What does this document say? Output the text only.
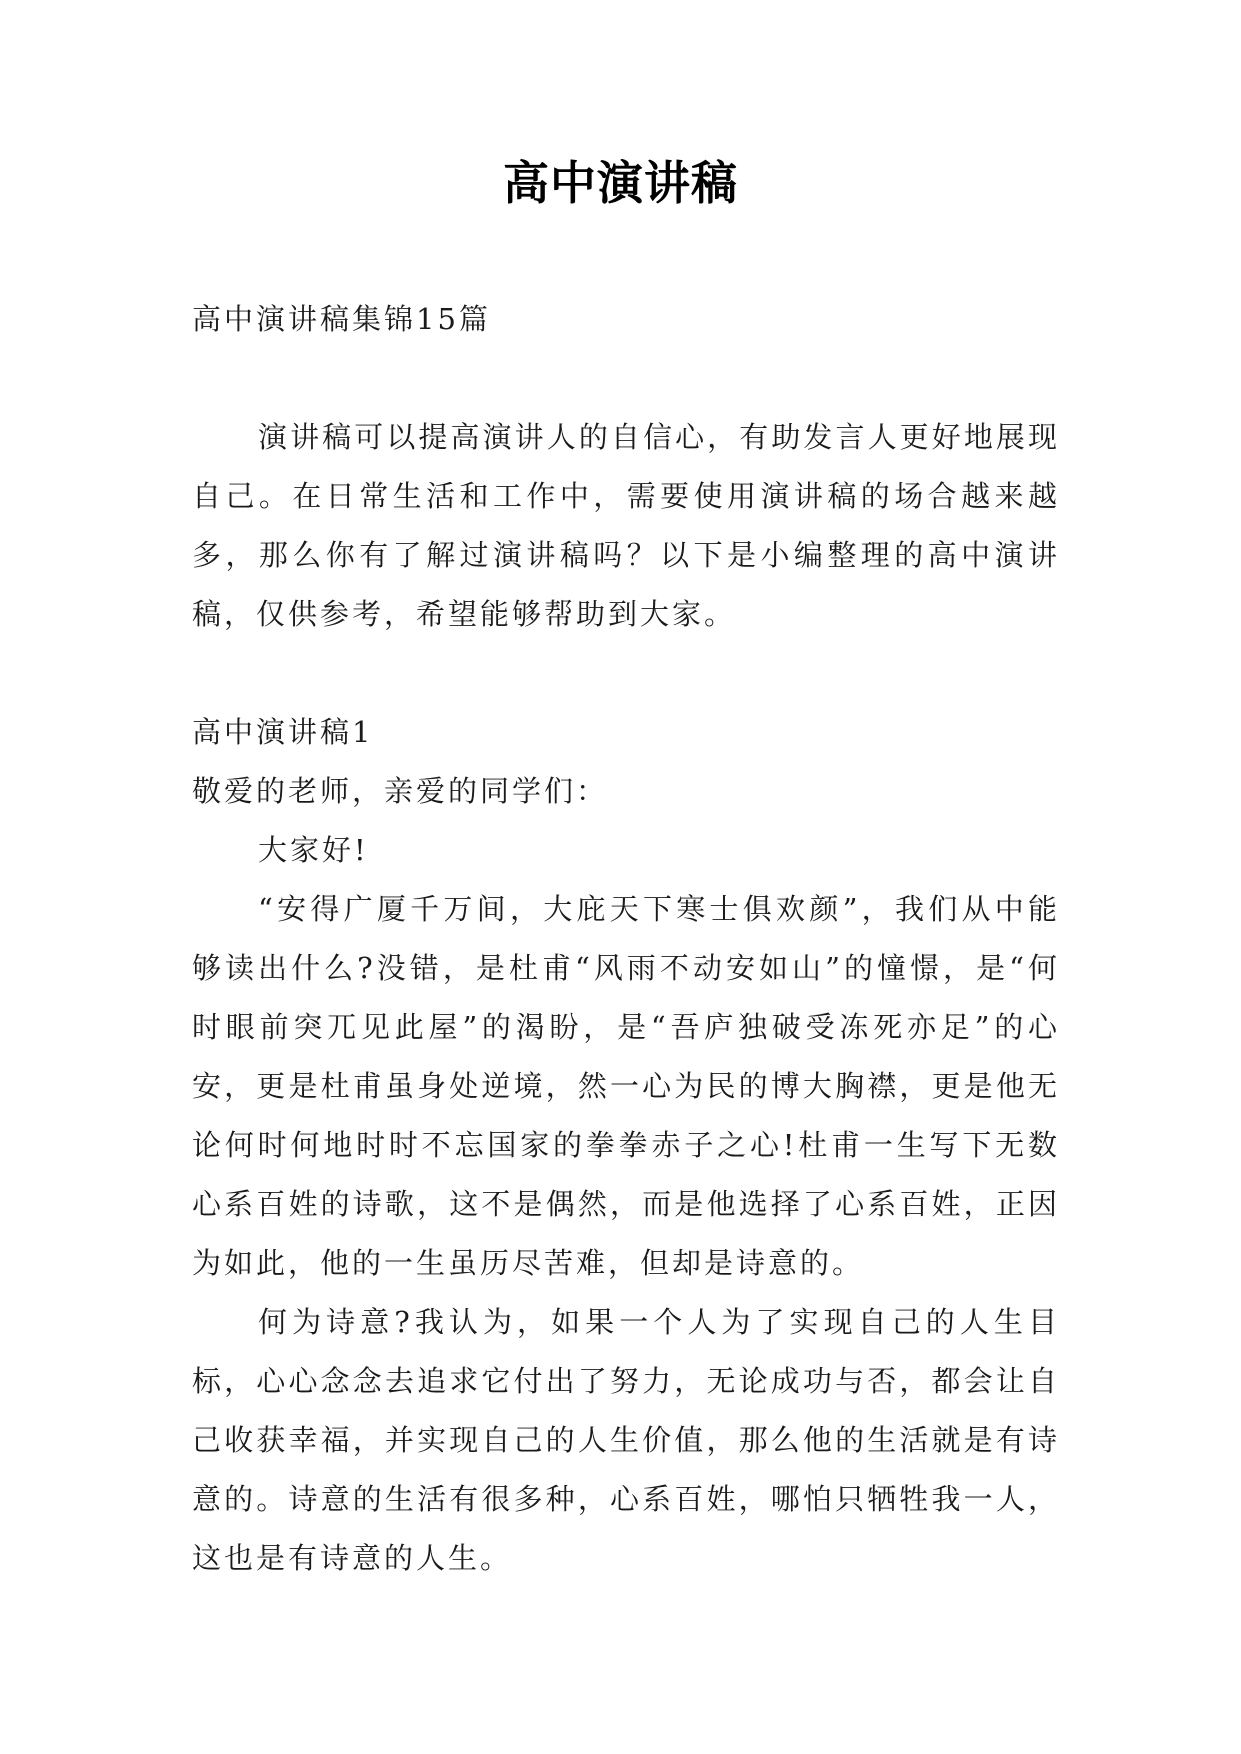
高中演讲稿

高中演讲稿集锦15篇

演讲稿可以提高演讲人的自信心，有助发言人更好地展现自己。在日常生活和工作中，需要使用演讲稿的场合越来越多，那么你有了解过演讲稿吗？以下是小编整理的高中演讲稿，仅供参考，希望能够帮助到大家。

高中演讲稿1

敬爱的老师，亲爱的同学们：

大家好!

“安得广厦千万间，大庇天下寒士俱欢颜”，我们从中能够读出什么?没错，是杜甫“风雨不动安如山”的憧憬，是“何时眼前突兀见此屋”的渴盼，是“吾庐独破受冻死亦足”的心安，更是杜甫虽身处逆境，然一心为民的博大胸襟，更是他无论何时何地时时不忘国家的拳拳赤子之心!杜甫一生写下无数心系百姓的诗歌，这不是偶然，而是他选择了心系百姓，正因为如此，他的一生虽历尽苦难，但却是诗意的。

何为诗意?我认为，如果一个人为了实现自己的人生目标，心心念念去追求它付出了努力，无论成功与否，都会让自己收获幸福，并实现自己的人生价值，那么他的生活就是有诗意的。诗意的生活有很多种，心系百姓，哪怕只牺牲我一人，这也是有诗意的人生。
